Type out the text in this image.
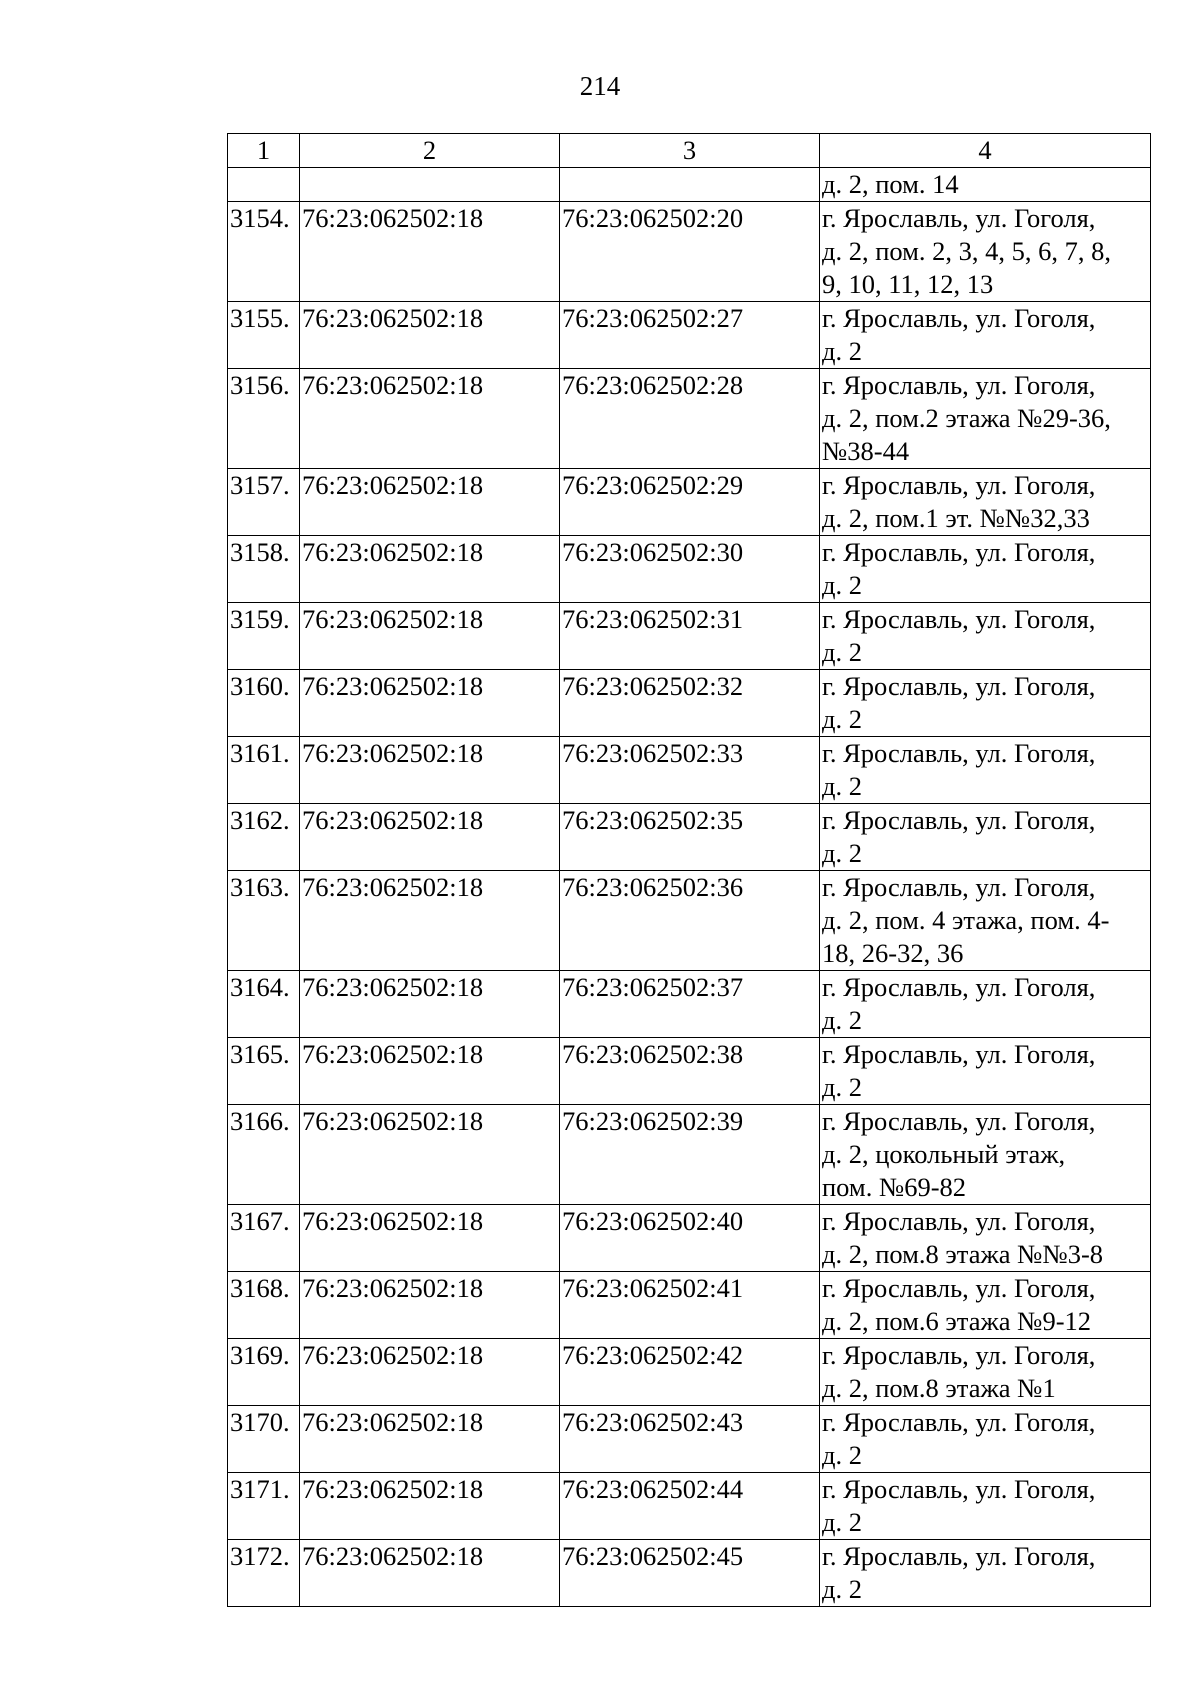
214
1	2	3	4
			д. 2, пом. 14
3154.	76:23:062502:18	76:23:062502:20	г. Ярославль, ул. Гоголя,
д. 2, пом. 2, 3, 4, 5, 6, 7, 8,
9, 10, 11, 12, 13
3155.	76:23:062502:18	76:23:062502:27	г. Ярославль, ул. Гоголя,
д. 2
3156.	76:23:062502:18	76:23:062502:28	г. Ярославль, ул. Гоголя,
д. 2, пом.2 этажа №29-36,
№38-44
3157.	76:23:062502:18	76:23:062502:29	г. Ярославль, ул. Гоголя,
д. 2, пом.1 эт. №№32,33
3158.	76:23:062502:18	76:23:062502:30	г. Ярославль, ул. Гоголя,
д. 2
3159.	76:23:062502:18	76:23:062502:31	г. Ярославль, ул. Гоголя,
д. 2
3160.	76:23:062502:18	76:23:062502:32	г. Ярославль, ул. Гоголя,
д. 2
3161.	76:23:062502:18	76:23:062502:33	г. Ярославль, ул. Гоголя,
д. 2
3162.	76:23:062502:18	76:23:062502:35	г. Ярославль, ул. Гоголя,
д. 2
3163.	76:23:062502:18	76:23:062502:36	г. Ярославль, ул. Гоголя,
д. 2, пом. 4 этажа, пом. 4-
18, 26-32, 36
3164.	76:23:062502:18	76:23:062502:37	г. Ярославль, ул. Гоголя,
д. 2
3165.	76:23:062502:18	76:23:062502:38	г. Ярославль, ул. Гоголя,
д. 2
3166.	76:23:062502:18	76:23:062502:39	г. Ярославль, ул. Гоголя,
д. 2, цокольный этаж,
пом. №69-82
3167.	76:23:062502:18	76:23:062502:40	г. Ярославль, ул. Гоголя,
д. 2, пом.8 этажа №№3-8
3168.	76:23:062502:18	76:23:062502:41	г. Ярославль, ул. Гоголя,
д. 2, пом.6 этажа №9-12
3169.	76:23:062502:18	76:23:062502:42	г. Ярославль, ул. Гоголя,
д. 2, пом.8 этажа №1
3170.	76:23:062502:18	76:23:062502:43	г. Ярославль, ул. Гоголя,
д. 2
3171.	76:23:062502:18	76:23:062502:44	г. Ярославль, ул. Гоголя,
д. 2
3172.	76:23:062502:18	76:23:062502:45	г. Ярославль, ул. Гоголя,
д. 2
